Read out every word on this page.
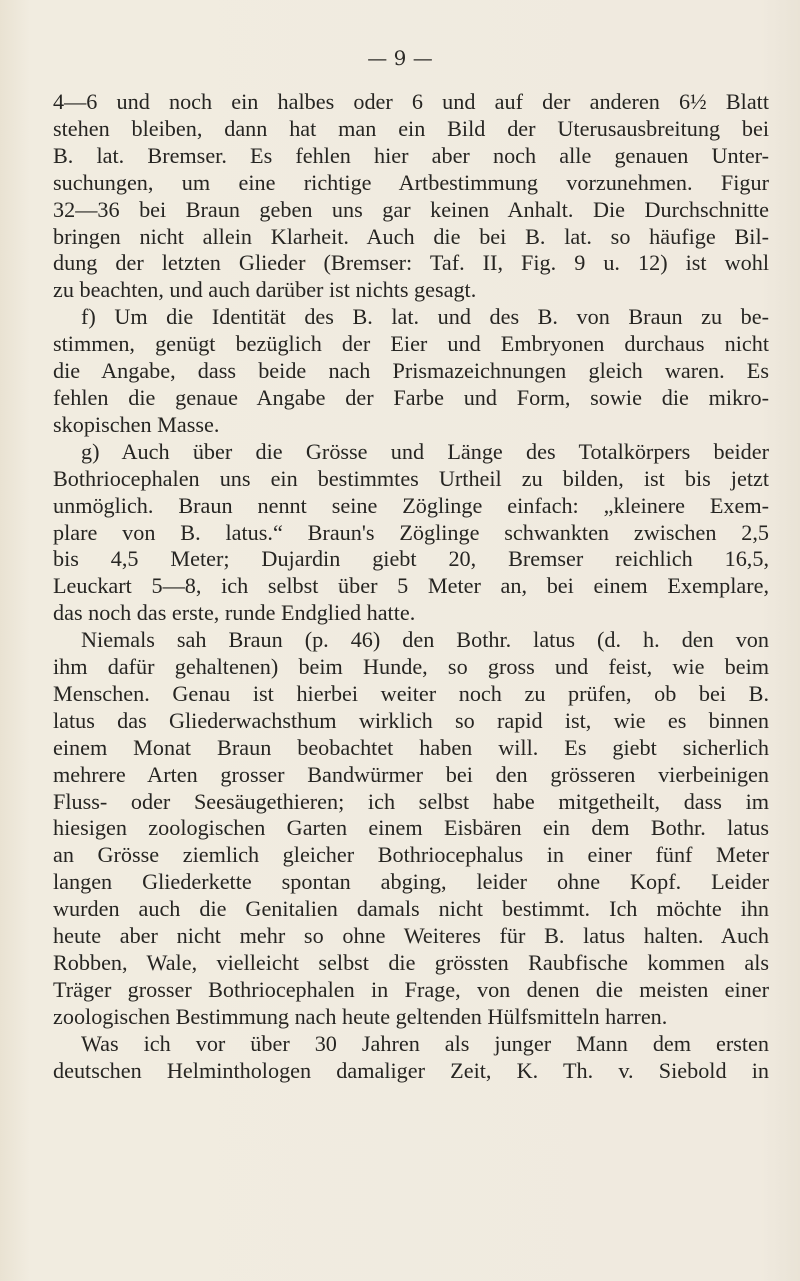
— 9 —
4—6 und noch ein halbes oder 6 und auf der anderen 6½ Blatt
stehen bleiben, dann hat man ein Bild der Uterusausbreitung bei
B. lat. Bremser. Es fehlen hier aber noch alle genauen Unter-
suchungen, um eine richtige Artbestimmung vorzunehmen. Figur
32—36 bei Braun geben uns gar keinen Anhalt. Die Durchschnitte
bringen nicht allein Klarheit. Auch die bei B. lat. so häufige Bil-
dung der letzten Glieder (Bremser: Taf. II, Fig. 9 u. 12) ist wohl
zu beachten, und auch darüber ist nichts gesagt.
f) Um die Identität des B. lat. und des B. von Braun zu be-
stimmen, genügt bezüglich der Eier und Embryonen durchaus nicht
die Angabe, dass beide nach Prismazeichnungen gleich waren. Es
fehlen die genaue Angabe der Farbe und Form, sowie die mikro-
skopischen Masse.
g) Auch über die Grösse und Länge des Totalkörpers beider
Bothriocephalen uns ein bestimmtes Urtheil zu bilden, ist bis jetzt
unmöglich. Braun nennt seine Zöglinge einfach: „kleinere Exem-
plare von B. latus.“ Braun's Zöglinge schwankten zwischen 2,5
bis 4,5 Meter; Dujardin giebt 20, Bremser reichlich 16,5,
Leuckart 5—8, ich selbst über 5 Meter an, bei einem Exemplare,
das noch das erste, runde Endglied hatte.
Niemals sah Braun (p. 46) den Bothr. latus (d. h. den von
ihm dafür gehaltenen) beim Hunde, so gross und feist, wie beim
Menschen. Genau ist hierbei weiter noch zu prüfen, ob bei B.
latus das Gliederwachsthum wirklich so rapid ist, wie es binnen
einem Monat Braun beobachtet haben will. Es giebt sicherlich
mehrere Arten grosser Bandwürmer bei den grösseren vierbeinigen
Fluss- oder Seesäugethieren; ich selbst habe mitgetheilt, dass im
hiesigen zoologischen Garten einem Eisbären ein dem Bothr. latus
an Grösse ziemlich gleicher Bothriocephalus in einer fünf Meter
langen Gliederkette spontan abging, leider ohne Kopf. Leider
wurden auch die Genitalien damals nicht bestimmt. Ich möchte ihn
heute aber nicht mehr so ohne Weiteres für B. latus halten. Auch
Robben, Wale, vielleicht selbst die grössten Raubfische kommen als
Träger grosser Bothriocephalen in Frage, von denen die meisten einer
zoologischen Bestimmung nach heute geltenden Hülfsmitteln harren.
Was ich vor über 30 Jahren als junger Mann dem ersten
deutschen Helminthologen damaliger Zeit, K. Th. v. Siebold in
